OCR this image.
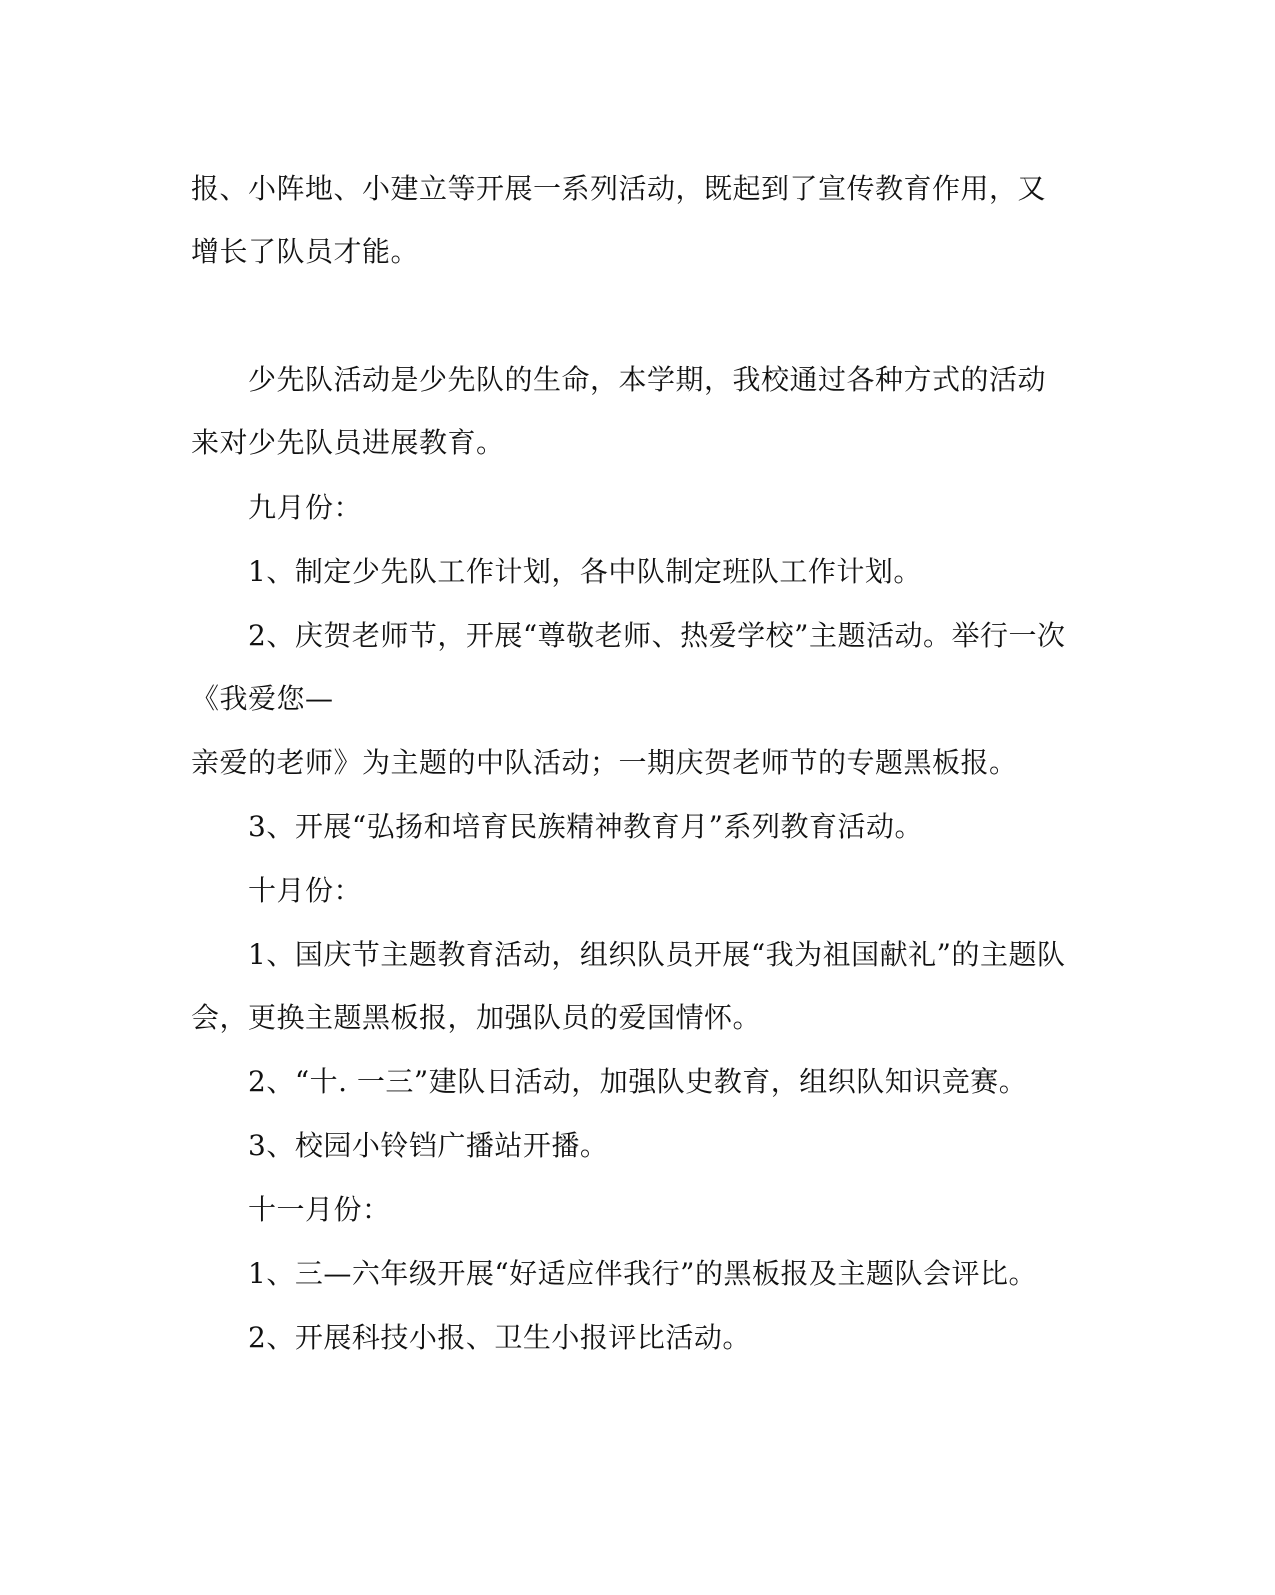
报、小阵地、小建立等开展一系列活动，既起到了宣传教育作用，又
增长了队员才能。
少先队活动是少先队的生命，本学期，我校通过各种方式的活动
来对少先队员进展教育。
九月份：
1、制定少先队工作计划，各中队制定班队工作计划。
2、庆贺老师节，开展“尊敬老师、热爱学校”主题活动。举行一次
《我爱您—
亲爱的老师》为主题的中队活动；一期庆贺老师节的专题黑板报。
3、开展“弘扬和培育民族精神教育月”系列教育活动。
十月份：
1、国庆节主题教育活动，组织队员开展“我为祖国献礼”的主题队
会，更换主题黑板报，加强队员的爱国情怀。
2、“十. 一三”建队日活动，加强队史教育，组织队知识竞赛。
3、校园小铃铛广播站开播。
十一月份：
1、三—六年级开展“好适应伴我行”的黑板报及主题队会评比。
2、开展科技小报、卫生小报评比活动。
